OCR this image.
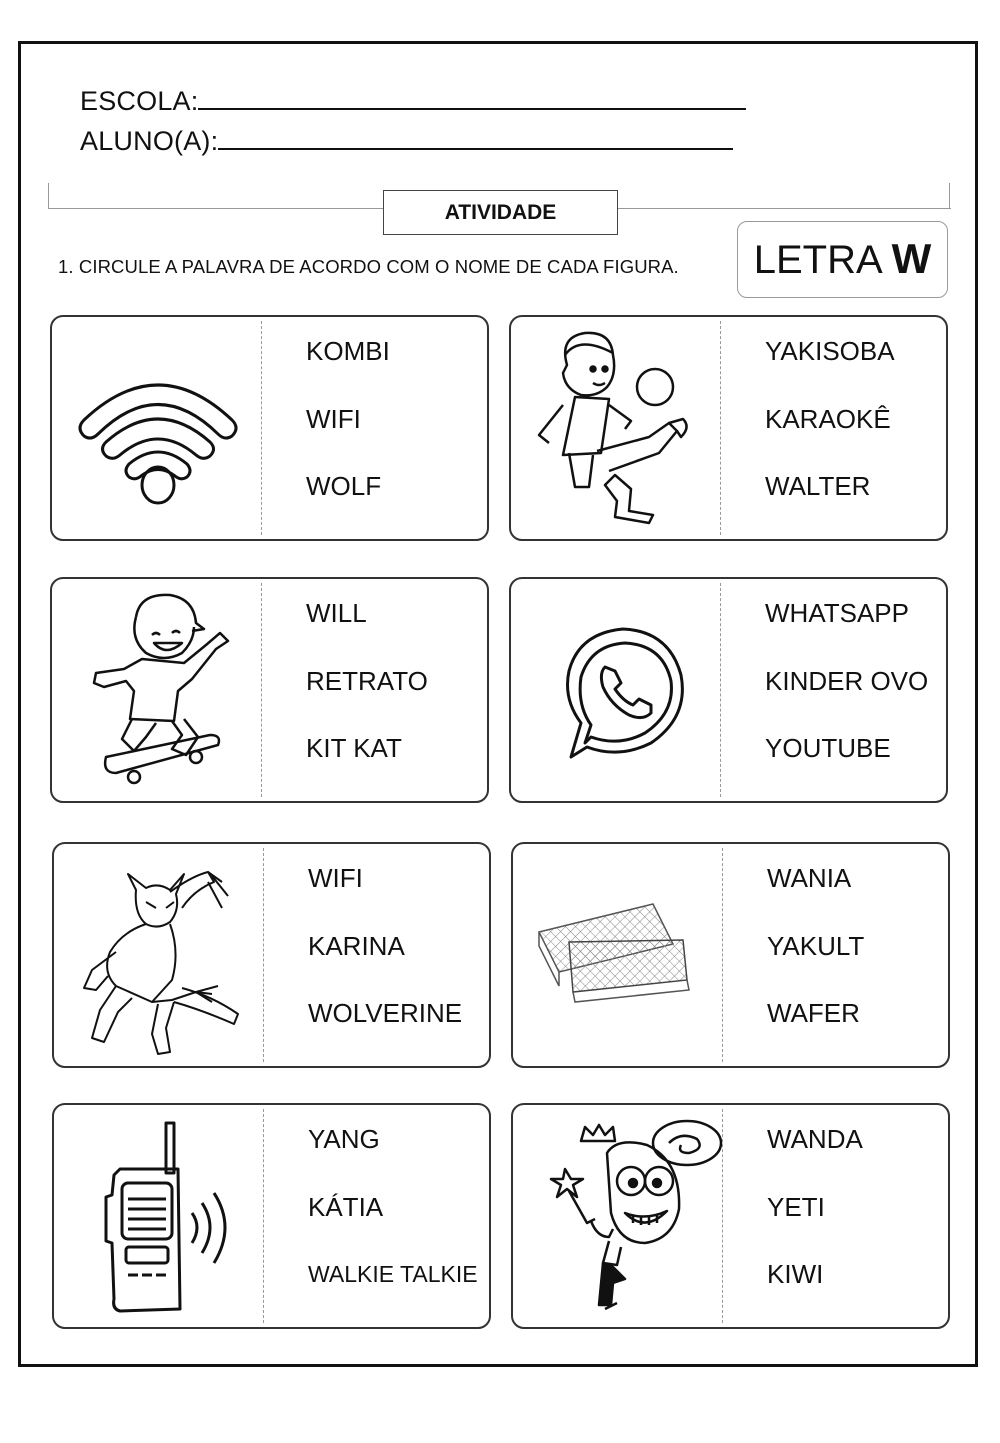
ESCOLA:
ALUNO(A):
ATIVIDADE
1. CIRCULE A PALAVRA DE ACORDO COM O NOME DE CADA FIGURA.	LETRA W
KOMBI
WIFI
WOLF
YAKISOBA
KARAOKÊ
WALTER
WILL
RETRATO
KIT KAT
WHATSAPP
KINDER OVO
YOUTUBE
WIFI
KARINA
WOLVERINE
WANIA
YAKULT
WAFER
YANG
KÁTIA
WALKIE TALKIE
WANDA
YETI
KIWI
